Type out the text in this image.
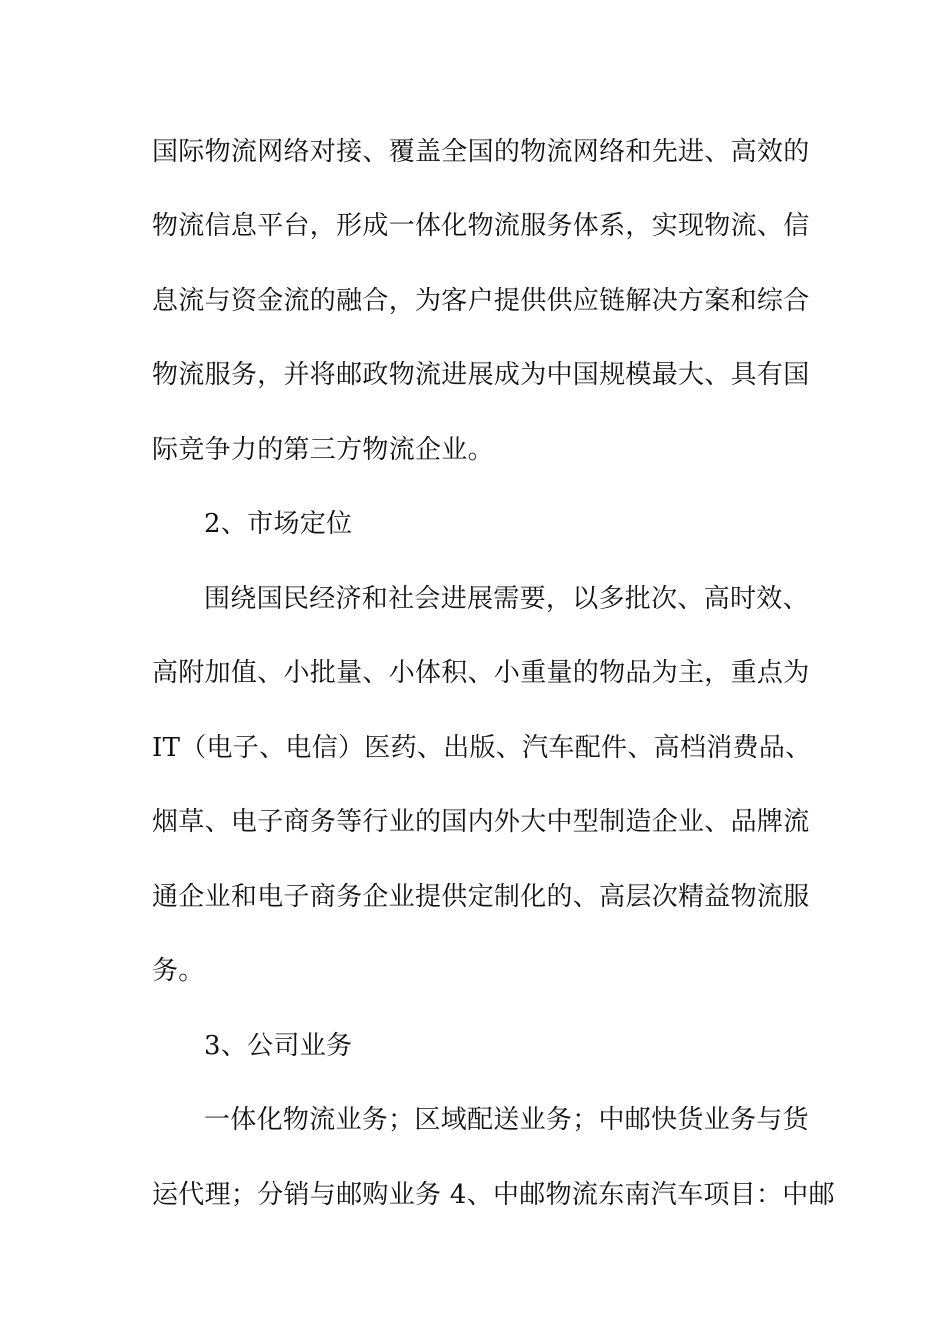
国际物流网络对接、覆盖全国的物流网络和先进、高效的
物流信息平台，形成一体化物流服务体系，实现物流、信
息流与资金流的融合，为客户提供供应链解决方案和综合
物流服务，并将邮政物流进展成为中国规模最大、具有国
际竞争力的第三方物流企业。
2、市场定位
围绕国民经济和社会进展需要，以多批次、高时效、
高附加值、小批量、小体积、小重量的物品为主，重点为
IT（电子、电信）医药、出版、汽车配件、高档消费品、
烟草、电子商务等行业的国内外大中型制造企业、品牌流
通企业和电子商务企业提供定制化的、高层次精益物流服
务。
3、公司业务
一体化物流业务；区域配送业务；中邮快货业务与货
运代理；分销与邮购业务 4、中邮物流东南汽车项目：中邮
